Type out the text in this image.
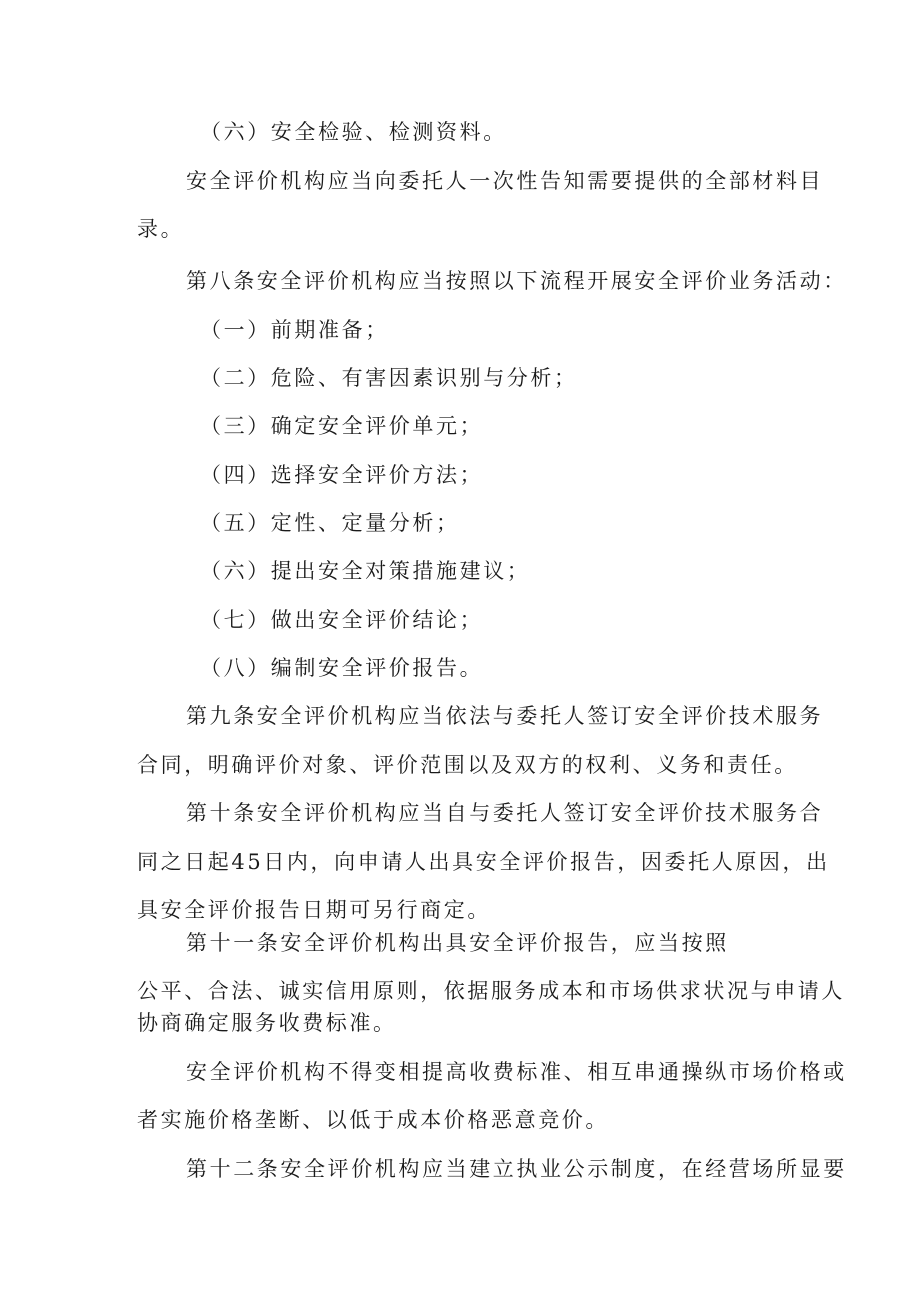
（六）安全检验、检测资料。
安全评价机构应当向委托人一次性告知需要提供的全部材料目
录。
第八条安全评价机构应当按照以下流程开展安全评价业务活动：
（一）前期准备；
（二）危险、有害因素识别与分析；
（三）确定安全评价单元；
（四）选择安全评价方法；
（五）定性、定量分析；
（六）提出安全对策措施建议；
（七）做出安全评价结论；
（八）编制安全评价报告。
第九条安全评价机构应当依法与委托人签订安全评价技术服务
合同，明确评价对象、评价范围以及双方的权利、义务和责任。
第十条安全评价机构应当自与委托人签订安全评价技术服务合
同之日起45日内，向申请人出具安全评价报告，因委托人原因，出
具安全评价报告日期可另行商定。
第十一条安全评价机构出具安全评价报告，应当按照
公平、合法、诚实信用原则，依据服务成本和市场供求状况与申请人
协商确定服务收费标准。
安全评价机构不得变相提高收费标准、相互串通操纵市场价格或
者实施价格垄断、以低于成本价格恶意竞价。
第十二条安全评价机构应当建立执业公示制度，在经营场所显要
